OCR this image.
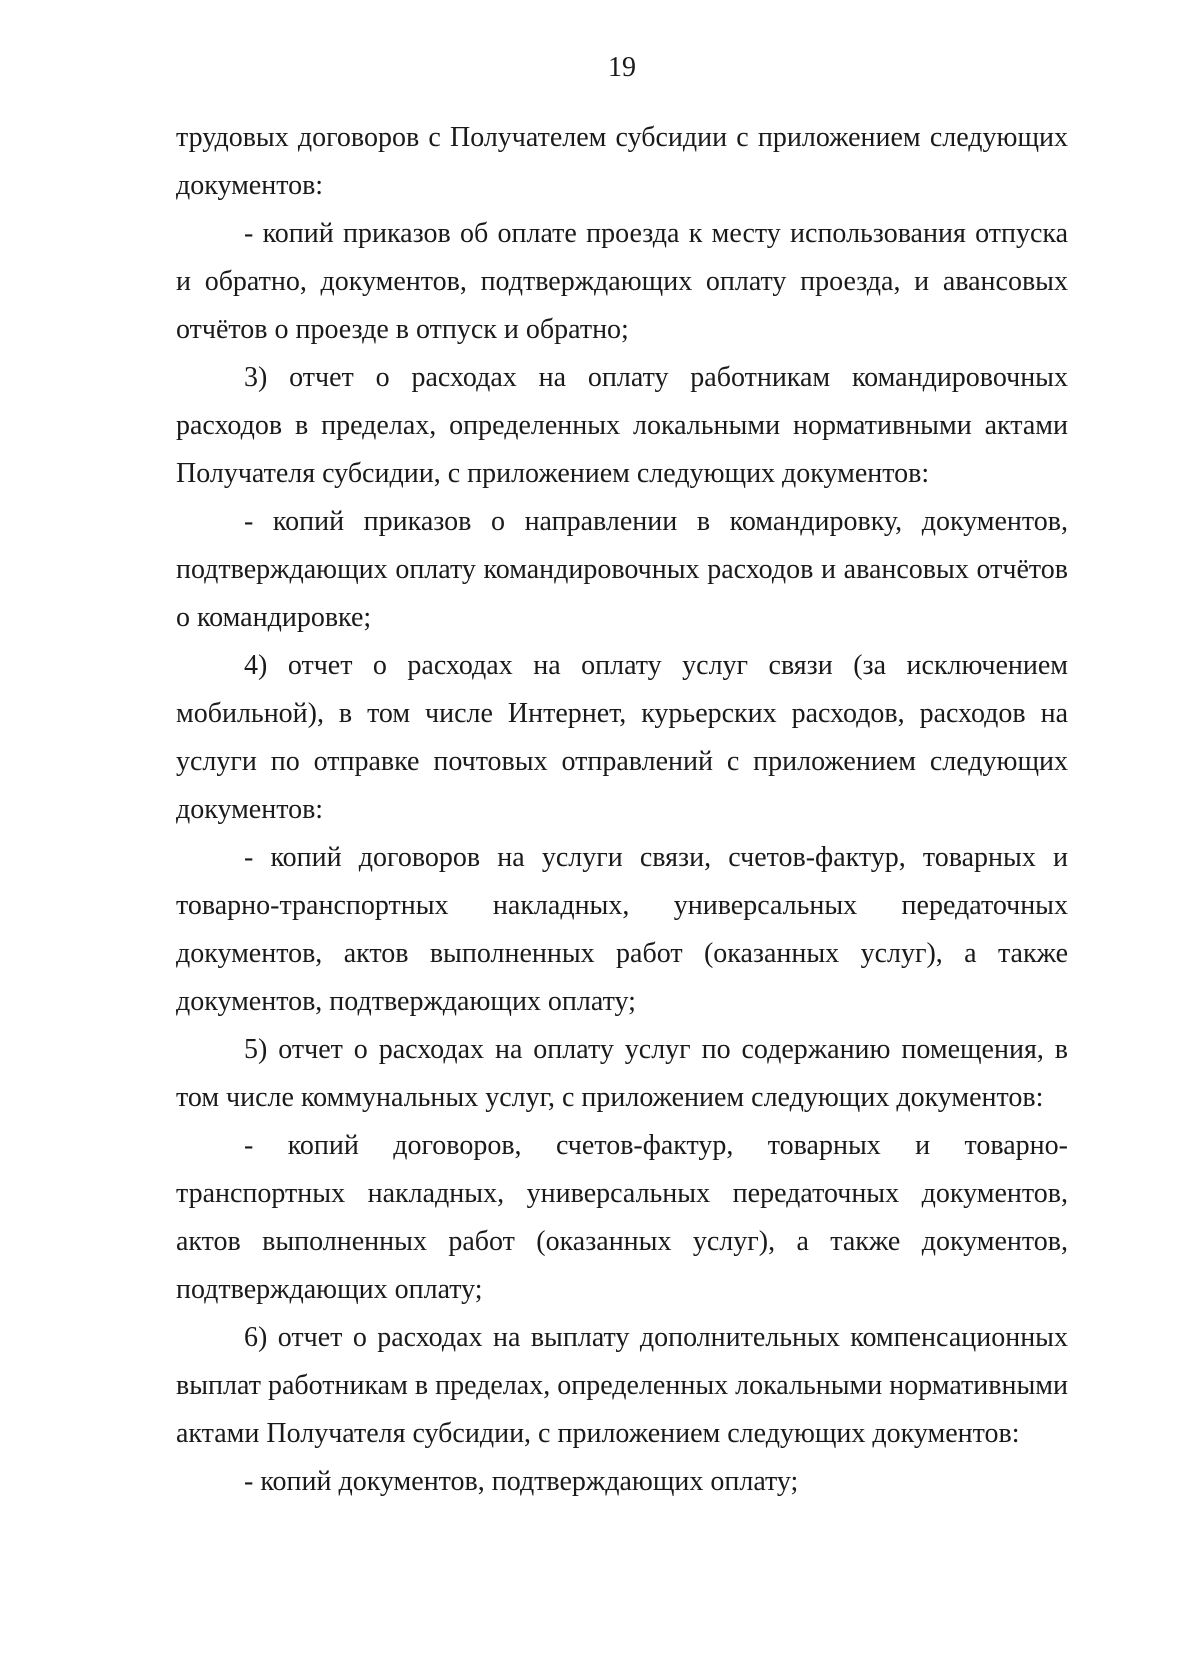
19

трудовых договоров с Получателем субсидии с приложением следующих документов:

- копий приказов об оплате проезда к месту использования отпуска и обратно, документов, подтверждающих оплату проезда, и авансовых отчётов о проезде в отпуск и обратно;

3) отчет о расходах на оплату работникам командировочных расходов в пределах, определенных локальными нормативными актами Получателя субсидии, с приложением следующих документов:

- копий приказов о направлении в командировку, документов, подтверждающих оплату командировочных расходов и авансовых отчётов о командировке;

4) отчет о расходах на оплату услуг связи (за исключением мобильной), в том числе Интернет, курьерских расходов, расходов на услуги по отправке почтовых отправлений с приложением следующих документов:

- копий договоров на услуги связи, счетов-фактур, товарных и товарно-транспортных накладных, универсальных передаточных документов, актов выполненных работ (оказанных услуг), а также документов, подтверждающих оплату;

5) отчет о расходах на оплату услуг по содержанию помещения, в том числе коммунальных услуг, с приложением следующих документов:

- копий договоров, счетов-фактур, товарных и товарно-транспортных накладных, универсальных передаточных документов, актов выполненных работ (оказанных услуг), а также документов, подтверждающих оплату;

6) отчет о расходах на выплату дополнительных компенсационных выплат работникам в пределах, определенных локальными нормативными актами Получателя субсидии, с приложением следующих документов:

- копий документов, подтверждающих оплату;
